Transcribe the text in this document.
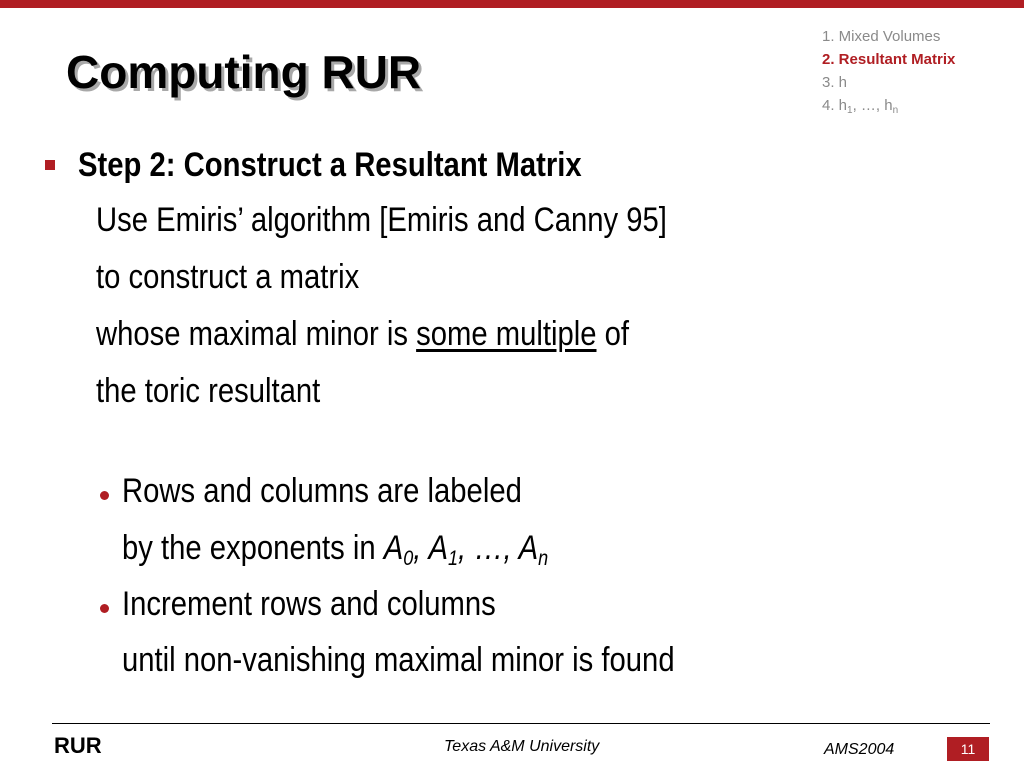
Computing RUR
1. Mixed Volumes
2. Resultant Matrix
3. h
4. $h_1$, …, $h_n$
Step 2: Construct a Resultant Matrix
Use Emiris’ algorithm [Emiris and Canny 95]
to construct a matrix
whose maximal minor is some multiple of
the toric resultant
Rows and columns are labeled
by the exponents in $A_0$, $A_1$, …, $A_n$
Increment rows and columns
until non-vanishing maximal minor is found
RUR	Texas A&M University	AMS2004	11
